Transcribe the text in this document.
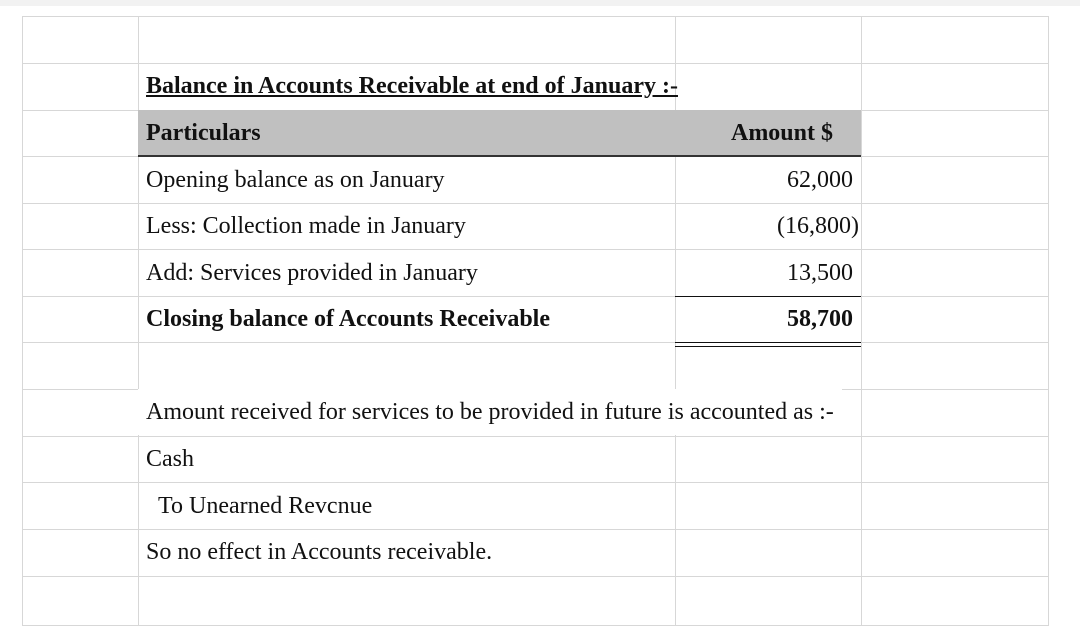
Balance in Accounts Receivable at end of January :-
Particulars	Amount $
Opening balance as on January	62,000
Less: Collection made in January	(16,800)
Add: Services provided in January	13,500
Closing balance of Accounts Receivable	58,700
Amount received for services to be provided in future is accounted as :-
Cash
To Unearned Revcnue
So no effect in Accounts receivable.
